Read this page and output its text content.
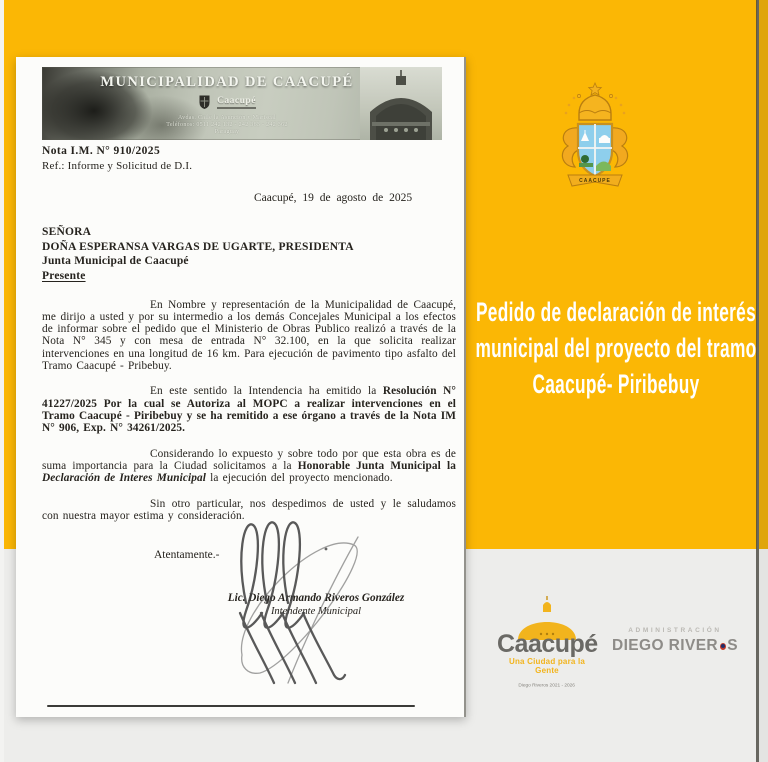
MUNICIPALIDAD DE CAACUPÉ
Caacupé
Avdas. Calle la Asunción y Mariscal
Teléfonos: 0511 242 132 - 242 363 - 242 362
Paraguay
Nota I.M. N° 910/2025
Ref.: Informe y Solicitud de D.I.
Caacupé, 19 de agosto de 2025
SEÑORA
DOÑA ESPERANSA VARGAS DE UGARTE, PRESIDENTA
Junta Municipal de Caacupé
Presente

En Nombre y representación de la Municipalidad de Caacupé, me dirijo a usted y por su intermedio a los demás Concejales Municipal a los efectos de informar sobre el pedido que el Ministerio de Obras Publico realizó a través de la Nota N° 345 y con mesa de entrada N° 32.100, en la que solicita realizar intervenciones en una longitud de 16 km. Para ejecución de pavimento tipo asfalto del Tramo Caacupé - Pribebuy.

En este sentido la Intendencia ha emitido la Resolución N° 41227/2025 Por la cual se Autoriza al MOPC a realizar intervenciones en el Tramo Caacupé - Piribebuy y se ha remitido a ese órgano a través de la Nota IM N° 906, Exp. N° 34261/2025.

Considerando lo expuesto y sobre todo por que esta obra es de suma importancia para la Ciudad solicitamos a la Honorable Junta Municipal la Declaración de Interes Municipal la ejecución del proyecto mencionado.

Sin otro particular, nos despedimos de usted y le saludamos con nuestra mayor estima y consideración.

Atentamente.-
Lic. Diego Armando Riveros González
Intendente Municipal
CAACUPE
Pedido de declaración de interés
municipal del proyecto del tramo
Caacupé- Piribebuy
Caacupé
Una Ciudad para la Gente
Diego Riveros 2021 - 2026
ADMINISTRACIÓN
DIEGO RIVER S
